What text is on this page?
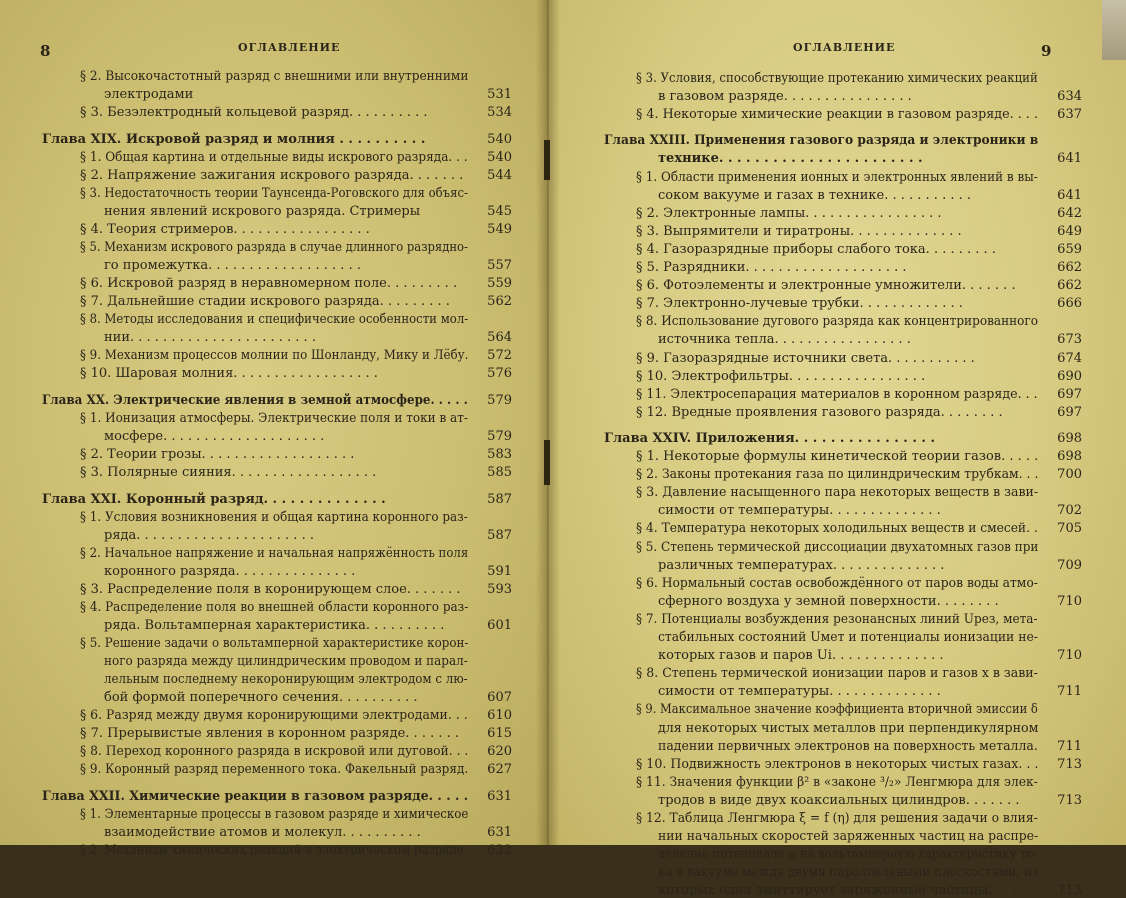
8	ОГЛАВЛЕНИЕ
§ 2. Высокочастотный разряд с внешними или внутренними
электродами	531
§ 3. Безэлектродный кольцевой разряд. . . . . . . . . .	534
Глава XIX. Искровой разряд и молния . . . . . . . . . .	540
§ 1. Общая картина и отдельные виды искрового разряда. . .	540
§ 2. Напряжение зажигания искрового разряда. . . . . . .	544
§ 3. Недостаточность теории Таунсенда-Роговского для объяс-
нения явлений искрового разряда. Стримеры	545
§ 4. Теория стримеров. . . . . . . . . . . . . . . . .	549
§ 5. Механизм искрового разряда в случае длинного разрядно-
го промежутка. . . . . . . . . . . . . . . . . . .	557
§ 6. Искровой разряд в неравномерном поле. . . . . . . . .	559
§ 7. Дальнейшие стадии искрового разряда. . . . . . . . .	562
§ 8. Методы исследования и специфические особенности мол-
нии. . . . . . . . . . . . . . . . . . . . . . .	564
§ 9. Механизм процессов молнии по Шонланду, Мику и Лёбу.	572
§ 10. Шаровая молния. . . . . . . . . . . . . . . . . .	576
Глава XX. Электрические явления в земной атмосфере. . . . .	579
§ 1. Ионизация атмосферы. Электрические поля и токи в ат-
мосфере. . . . . . . . . . . . . . . . . . . .	579
§ 2. Теории грозы. . . . . . . . . . . . . . . . . . .	583
§ 3. Полярные сияния. . . . . . . . . . . . . . . . . .	585
Глава XXI. Коронный разряд. . . . . . . . . . . . . .	587
§ 1. Условия возникновения и общая картина коронного раз-
ряда. . . . . . . . . . . . . . . . . . . . . .	587
§ 2. Начальное напряжение и начальная напряжённость поля
коронного разряда. . . . . . . . . . . . . . .	591
§ 3. Распределение поля в коронирующем слое. . . . . . .	593
§ 4. Распределение поля во внешней области коронного раз-
ряда. Вольтамперная характеристика. . . . . . . . . .	601
§ 5. Решение задачи о вольтамперной характеристике корон-
ного разряда между цилиндрическим проводом и парал-
лельным последнему некоронирующим электродом с лю-
бой формой поперечного сечения. . . . . . . . . .	607
§ 6. Разряд между двумя коронирующими электродами. . .	610
§ 7. Прерывистые явления в коронном разряде. . . . . . .	615
§ 8. Переход коронного разряда в искровой или дуговой. . .	620
§ 9. Коронный разряд переменного тока. Факельный разряд.	627
Глава XXII. Химические реакции в газовом разряде. . . . .	631
§ 1. Элементарные процессы в газовом разряде и химическое
взаимодействие атомов и молекул. . . . . . . . . .	631
§ 2. Механизм химических реакций в электрическом разряде.	632
ОГЛАВЛЕНИЕ	9
§ 3. Условия, способствующие протеканию химических реакций
в газовом разряде. . . . . . . . . . . . . . . .	634
§ 4. Некоторые химические реакции в газовом разряде. . . .	637
Глава XXIII. Применения газового разряда и электроники в
технике. . . . . . . . . . . . . . . . . . . . . . .	641
§ 1. Области применения ионных и электронных явлений в вы-
соком вакууме и газах в технике. . . . . . . . . . .	641
§ 2. Электронные лампы. . . . . . . . . . . . . . . . .	642
§ 3. Выпрямители и тиратроны. . . . . . . . . . . . . .	649
§ 4. Газоразрядные приборы слабого тока. . . . . . . . .	659
§ 5. Разрядники. . . . . . . . . . . . . . . . . . . .	662
§ 6. Фотоэлементы и электронные умножители. . . . . . .	662
§ 7. Электронно-лучевые трубки. . . . . . . . . . . . .	666
§ 8. Использование дугового разряда как концентрированного
источника тепла. . . . . . . . . . . . . . . . .	673
§ 9. Газоразрядные источники света. . . . . . . . . . .	674
§ 10. Электрофильтры. . . . . . . . . . . . . . . . .	690
§ 11. Электросепарация материалов в коронном разряде. . .	697
§ 12. Вредные проявления газового разряда. . . . . . . .	697
Глава XXIV. Приложения. . . . . . . . . . . . . . . .	698
§ 1. Некоторые формулы кинетической теории газов. . . . .	698
§ 2. Законы протекания газа по цилиндрическим трубкам. . .	700
§ 3. Давление насыщенного пара некоторых веществ в зави-
симости от температуры. . . . . . . . . . . . . .	702
§ 4. Температура некоторых холодильных веществ и смесей. .	705
§ 5. Степень термической диссоциации двухатомных газов при
различных температурах. . . . . . . . . . . . . .	709
§ 6. Нормальный состав освобождённого от паров воды атмо-
сферного воздуха у земной поверхности. . . . . . . .	710
§ 7. Потенциалы возбуждения резонансных линий Uрез, мета-
стабильных состояний Uмет и потенциалы ионизации не-
которых газов и паров Ui. . . . . . . . . . . . . .	710
§ 8. Степень термической ионизации паров и газов x в зави-
симости от температуры. . . . . . . . . . . . . .	711
§ 9. Максимальное значение коэффициента вторичной эмиссии δ
для некоторых чистых металлов при перпендикулярном
падении первичных электронов на поверхность металла.	711
§ 10. Подвижность электронов в некоторых чистых газах. . .	713
§ 11. Значения функции β² в «законе ³/₂» Ленгмюра для элек-
тродов в виде двух коаксиальных цилиндров. . . . . . .	713
§ 12. Таблица Ленгмюра ξ = f (η) для решения задачи о влия-
нии начальных скоростей заряженных частиц на распре-
деление потенциала и на вольтамперную характеристику то-
ка в вакууме между двумя параллельными плоскостями, из
которых одна эмиттирует заряженные частицы. . . . . .	713
